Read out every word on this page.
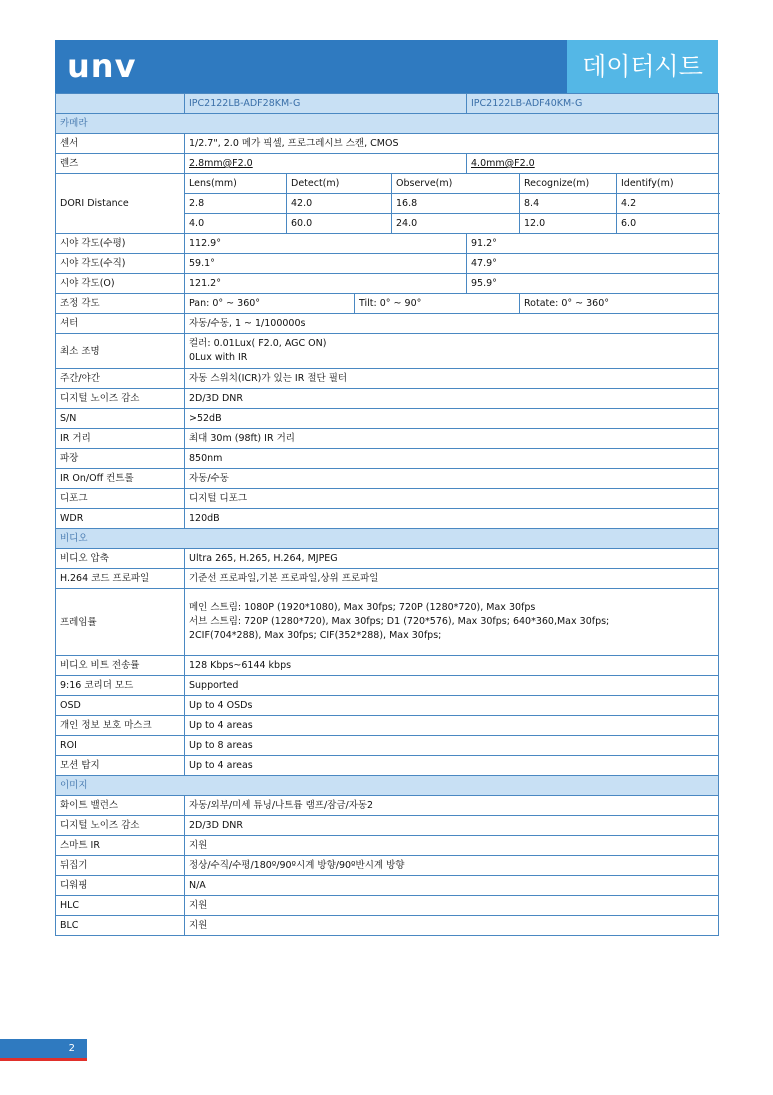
unv	데이터시트
	IPC2122LB-ADF28KM-G				IPC2122LB-ADF40KM-G		
카메라							
센서	1/2.7", 2.0 메가 픽셀, 프로그레시브 스캔, CMOS						
렌즈	2.8mm@F2.0				4.0mm@F2.0		
DORI Distance	Lens(mm)	Detect(m)		Observe(m)		Recognize(m)	Identify(m)
	2.8	42.0		16.8		8.4	4.2
	4.0	60.0		24.0		12.0	6.0
시야 각도(수평)	112.9°				91.2°		
시야 각도(수직)	59.1°				47.9°		
시야 각도(O)	121.2°				95.9°		
조정 각도	Pan: 0° ~ 360°		Tilt: 0° ~ 90°			Rotate: 0° ~ 360°	
셔터	자동/수동, 1 ~ 1/100000s						
최소 조명	컬러: 0.01Lux( F2.0, AGC ON)
0Lux with IR						

주간/야간	자동 스위치(ICR)가 있는 IR 절단 필터						
디지털 노이즈 감소	2D/3D DNR						
S/N	>52dB						
IR 거리	최대 30m (98ft) IR 거리						
파장	850nm						
IR On/Off 컨트롤	자동/수동						
디포그	디지털 디포그						
WDR	120dB						
비디오							
비디오 압축	Ultra 265, H.265, H.264, MJPEG						
H.264 코드 프로파일	기준선 프로파일,기본 프로파일,상위 프로파일						
프레임률	메인 스트림: 1080P (1920*1080), Max 30fps; 720P (1280*720), Max 30fps
서브 스트림: 720P (1280*720), Max 30fps; D1 (720*576), Max 30fps; 640*360,Max 30fps;
2CIF(704*288), Max 30fps; CIF(352*288), Max 30fps;						

비디오 비트 전송률	128 Kbps~6144 kbps						
9:16 코리더 모드	Supported						
OSD	Up to 4 OSDs						
개인 정보 보호 마스크	Up to 4 areas						
ROI	Up to 8 areas						
모션 탐지	Up to 4 areas						
이미지							
화이트 밸런스	자동/외부/미세 튜닝/나트륨 램프/잠금/자동2						
디지털 노이즈 감소	2D/3D DNR						
스마트 IR	지원						
뒤집기	정상/수직/수평/180º/90º시계 방향/90º반시계 방향						
디워핑	N/A						
HLC	지원						
BLC	지원						
2
